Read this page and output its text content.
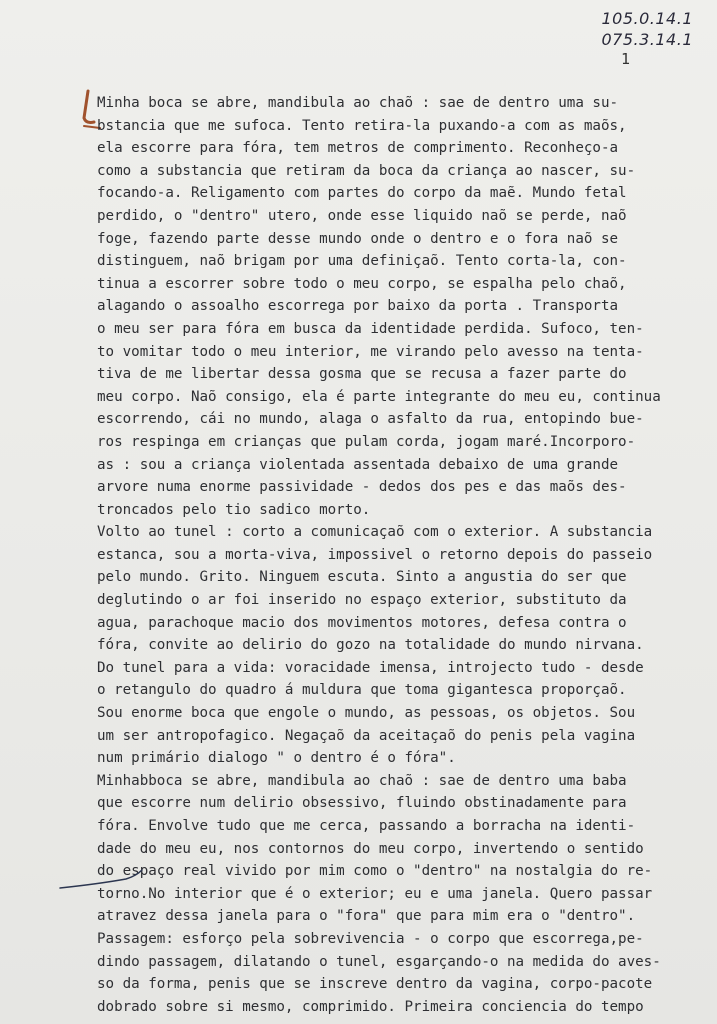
105.0.14.1
075.3.14.1
1
Minha boca se abre, mandibula ao chaõ : sae de dentro uma su-
bstancia que me sufoca. Tento retira-la puxando-a com as maõs,
ela escorre para fóra, tem metros de comprimento. Reconheço-a
como a substancia que retiram da boca da criança ao nascer, su-
focando-a. Religamento com partes do corpo da maẽ. Mundo fetal
perdido, o "dentro" utero, onde esse liquido naõ se perde, naõ
foge, fazendo parte desse mundo onde o dentro e o fora naõ se
distinguem, naõ brigam por uma definiçaõ. Tento corta-la, con-
tinua a escorrer sobre todo o meu corpo, se espalha pelo chaõ,
alagando o assoalho escorrega por baixo da porta . Transporta
o meu ser para fóra em busca da identidade perdida. Sufoco, ten-
to vomitar todo o meu interior, me virando pelo avesso na tenta-
tiva de me libertar dessa gosma que se recusa a fazer parte do
meu corpo. Naõ consigo, ela é parte integrante do meu eu, continua
escorrendo, cái no mundo, alaga o asfalto da rua, entopindo bue-
ros respinga em crianças que pulam corda, jogam maré.Incorporo-
as : sou a criança violentada assentada debaixo de uma grande
arvore numa enorme passividade - dedos dos pes e das maõs des-
troncados pelo tio sadico morto.
Volto ao tunel : corto a comunicaçaõ com o exterior. A substancia
estanca, sou a morta-viva, impossivel o retorno depois do passeio
pelo mundo. Grito. Ninguem escuta. Sinto a angustia do ser que
deglutindo o ar foi inserido no espaço exterior, substituto da
agua, parachoque macio dos movimentos motores, defesa contra o
fóra, convite ao delirio do gozo na totalidade do mundo nirvana.
Do tunel para a vida: voracidade imensa, introjecto tudo - desde
o retangulo do quadro á muldura que toma gigantesca proporçaõ.
Sou enorme boca que engole o mundo, as pessoas, os objetos. Sou
um ser antropofagico. Negaçaõ da aceitaçaõ do penis pela vagina
num primário dialogo " o dentro é o fóra".
Minhabboca se abre, mandibula ao chaõ : sae de dentro uma baba
que escorre num delirio obsessivo, fluindo obstinadamente para
fóra. Envolve tudo que me cerca, passando a borracha na identi-
dade do meu eu, nos contornos do meu corpo, invertendo o sentido
do espaço real vivido por mim como o "dentro" na nostalgia do re-
torno.No interior que é o exterior; eu e uma janela. Quero passar
atravez dessa janela para o "fora" que para mim era o "dentro".
Passagem: esforço pela sobrevivencia - o corpo que escorrega,pe-
dindo passagem, dilatando o tunel, esgarçando-o na medida do aves-
so da forma, penis que se inscreve dentro da vagina, corpo-pacote
dobrado sobre si mesmo, comprimido. Primeira conciencia do tempo
